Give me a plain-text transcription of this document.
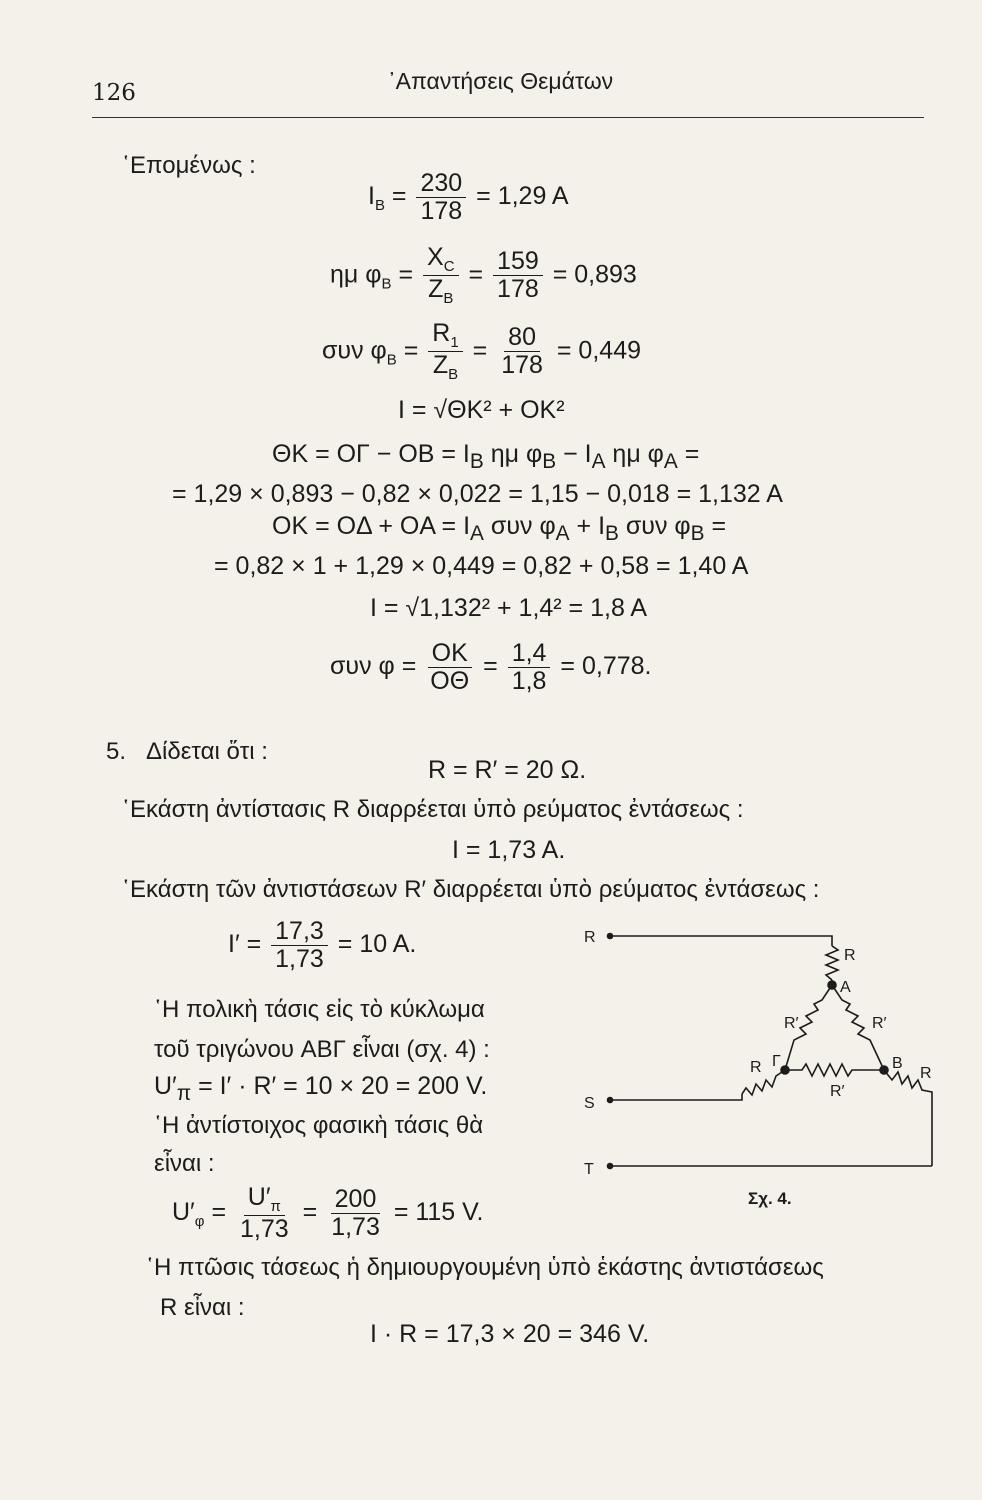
126	᾿Απαντήσεις Θεμάτων
῾Επομένως :
$I_B = \frac{230}{178} = 1,29$ A
ημ $\varphi_B = \frac{X_C}{Z_B} = \frac{159}{178} = 0,893$
συν $\varphi_B = \frac{R_1}{Z_B} = \frac{80}{178} = 0,449$
I = √ΘK² + OK²
ΘK = OΓ − OB = $I_B$ ημ $\varphi_B - I_A$ ημ $\varphi_A$ =
= 1,29 × 0,893 − 0,82 × 0,022 = 1,15 − 0,018 = 1,132 A
OK = OΔ + OA = $I_A$ συν $\varphi_A + I_B$ συν $\varphi_B$ =
= 0,82 × 1 + 1,29 × 0,449 = 0,82 + 0,58 = 1,40 A
I = √1,132² + 1,4² = 1,8 A
συν $\varphi = \frac{OK}{O\Theta} = \frac{1,4}{1,8} = 0,778$.
5. Δίδεται ὅτι :
R = R′ = 20 Ω.
῾Εκάστη ἀντίστασις R διαρρέεται ὑπὸ ρεύματος ἐντάσεως :
I = 1,73 A.
῾Εκάστη τῶν ἀντιστάσεων R′ διαρρέεται ὑπὸ ρεύματος ἐντάσεως :
$I' = \frac{17,3}{1,73} = 10$ A.
῾Η πολικὴ τάσις εἰς τὸ κύκλωμα
τοῦ τριγώνου ABΓ εἶναι (σχ. 4) :
$U'_\pi = I' \cdot R' = 10 \times 20 = 200$ V.
῾Η ἀντίστοιχος φασικὴ τάσις θὰ
εἶναι :
$U'_\varphi = \frac{U'_\pi}{1,73} = \frac{200}{1,73} = 115$ V.
῾Η πτῶσις τάσεως ἡ δημιουργουμένη ὑπὸ ἑκάστης ἀντιστάσεως
R εἶναι :
I · R = 17,3 × 20 = 346 V.
R
S
T
R
A
R′	R′
Γ	B
R	R
R′
Σχ. 4.
